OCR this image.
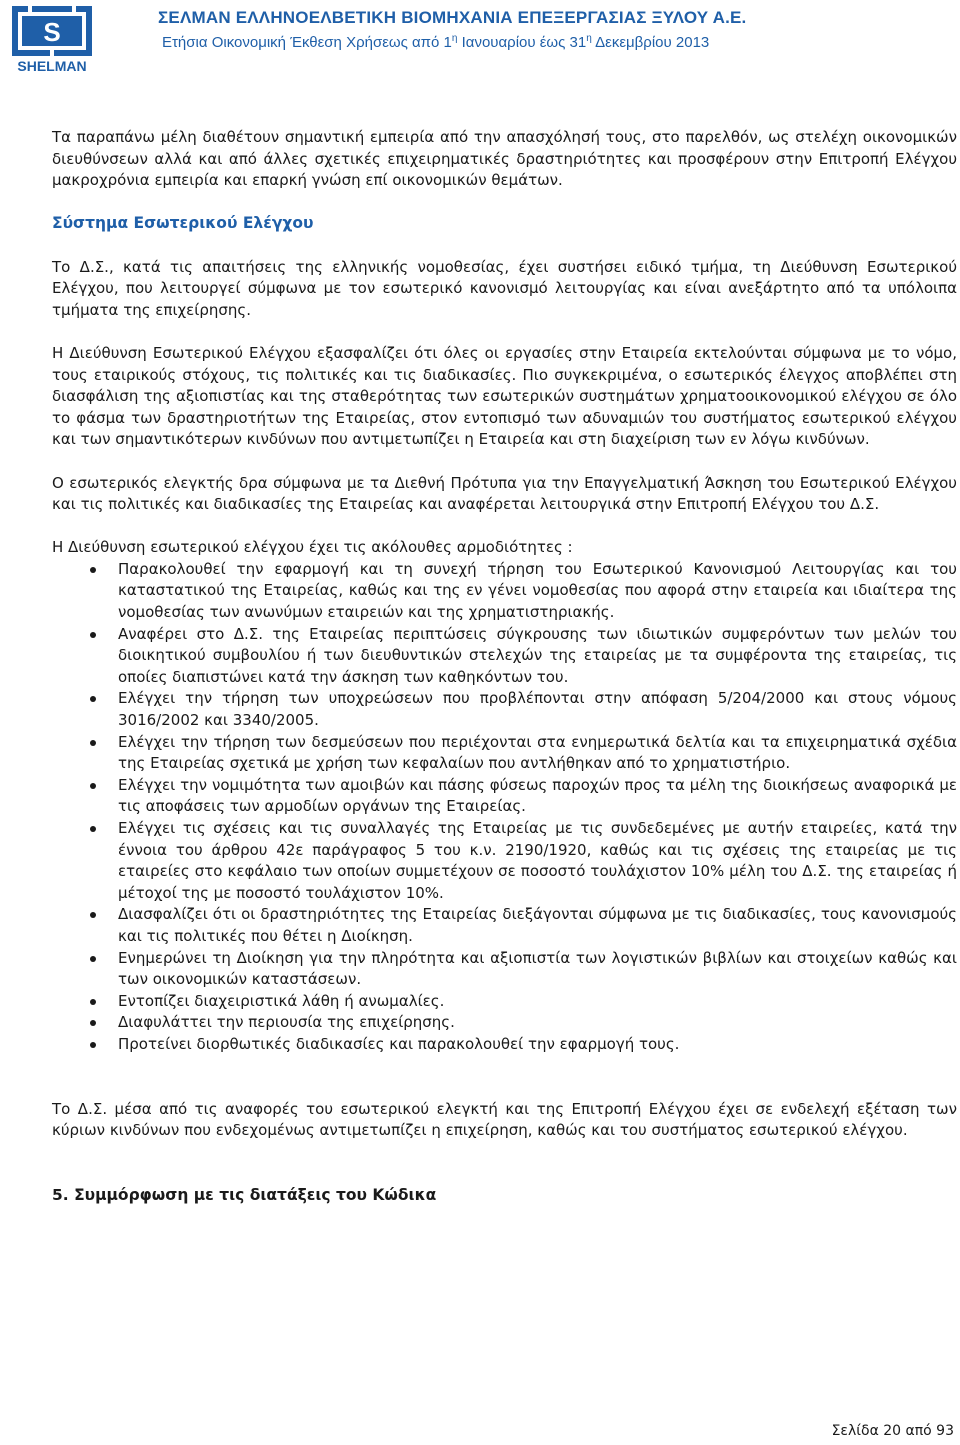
S
SHELMAN
ΣΕΛΜΑΝ ΕΛΛΗΝΟΕΛΒΕΤΙΚΗ ΒΙΟΜΗΧΑΝΙΑ ΕΠΕΞΕΡΓΑΣΙΑΣ ΞΥΛΟΥ Α.Ε.
Ετήσια Οικονομική Έκθεση Χρήσεως από $1^\eta$ Ιανουαρίου έως $31^\eta$ Δεκεμβρίου 2013

Τα παραπάνω μέλη διαθέτουν σημαντική εμπειρία από την απασχόλησή τους, στο παρελθόν, ως στελέχη οικονομικών διευθύνσεων αλλά και από άλλες σχετικές επιχειρηματικές δραστηριότητες και προσφέρουν στην Επιτροπή Ελέγχου μακροχρόνια εμπειρία και επαρκή γνώση επί οικονομικών θεμάτων.

Σύστημα Εσωτερικού Ελέγχου

Το Δ.Σ., κατά τις απαιτήσεις της ελληνικής νομοθεσίας, έχει συστήσει ειδικό τμήμα, τη Διεύθυνση Εσωτερικού Ελέγχου, που λειτουργεί σύμφωνα με τον εσωτερικό κανονισμό λειτουργίας και είναι ανεξάρτητο από τα υπόλοιπα τμήματα της επιχείρησης.

Η Διεύθυνση Εσωτερικού Ελέγχου εξασφαλίζει ότι όλες οι εργασίες στην Εταιρεία εκτελούνται σύμφωνα με το νόμο, τους εταιρικούς στόχους, τις πολιτικές και τις διαδικασίες. Πιο συγκεκριμένα, ο εσωτερικός έλεγχος αποβλέπει στη διασφάλιση της αξιοπιστίας και της σταθερότητας των εσωτερικών συστημάτων χρηματοοικονομικού ελέγχου σε όλο το φάσμα των δραστηριοτήτων της Εταιρείας, στον εντοπισμό των αδυναμιών του συστήματος εσωτερικού ελέγχου και των σημαντικότερων κινδύνων που αντιμετωπίζει η Εταιρεία και στη διαχείριση των εν λόγω κινδύνων.

Ο εσωτερικός ελεγκτής δρα σύμφωνα με τα Διεθνή Πρότυπα για την Επαγγελματική Άσκηση του Εσωτερικού Ελέγχου και τις πολιτικές και διαδικασίες της Εταιρείας και αναφέρεται λειτουργικά στην Επιτροπή Ελέγχου του Δ.Σ.

Η Διεύθυνση εσωτερικού ελέγχου έχει τις ακόλουθες αρμοδιότητες :

Παρακολουθεί την εφαρμογή και τη συνεχή τήρηση του Εσωτερικού Κανονισμού Λειτουργίας και του καταστατικού της Εταιρείας, καθώς και της εν γένει νομοθεσίας που αφορά στην εταιρεία και ιδιαίτερα της νομοθεσίας των ανωνύμων εταιρειών και της χρηματιστηριακής.
Αναφέρει στο Δ.Σ. της Εταιρείας περιπτώσεις σύγκρουσης των ιδιωτικών συμφερόντων των μελών του διοικητικού συμβουλίου ή των διευθυντικών στελεχών της εταιρείας με τα συμφέροντα της εταιρείας, τις οποίες διαπιστώνει κατά την άσκηση των καθηκόντων του.
Ελέγχει την τήρηση των υποχρεώσεων που προβλέπονται στην απόφαση 5/204/2000 και στους νόμους 3016/2002 και 3340/2005.
Ελέγχει την τήρηση των δεσμεύσεων που περιέχονται στα ενημερωτικά δελτία και τα επιχειρηματικά σχέδια της Εταιρείας σχετικά με χρήση των κεφαλαίων που αντλήθηκαν από το χρηματιστήριο.
Ελέγχει την νομιμότητα των αμοιβών και πάσης φύσεως παροχών προς τα μέλη της διοικήσεως αναφορικά με τις αποφάσεις των αρμοδίων οργάνων της Εταιρείας.
Ελέγχει τις σχέσεις και τις συναλλαγές της Εταιρείας με τις συνδεδεμένες με αυτήν εταιρείες, κατά την έννοια του άρθρου 42ε παράγραφος 5 του κ.ν. 2190/1920, καθώς και τις σχέσεις της εταιρείας με τις εταιρείες στο κεφάλαιο των οποίων συμμετέχουν σε ποσοστό τουλάχιστον 10% μέλη του Δ.Σ. της εταιρείας ή μέτοχοί της με ποσοστό τουλάχιστον 10%.
Διασφαλίζει ότι οι δραστηριότητες της Εταιρείας διεξάγονται σύμφωνα με τις διαδικασίες, τους κανονισμούς και τις πολιτικές που θέτει η Διοίκηση.
Ενημερώνει τη Διοίκηση για την πληρότητα και αξιοπιστία των λογιστικών βιβλίων και στοιχείων καθώς και των οικονομικών καταστάσεων.
Εντοπίζει διαχειριστικά λάθη ή ανωμαλίες.
Διαφυλάττει την περιουσία της επιχείρησης.
Προτείνει διορθωτικές διαδικασίες και παρακολουθεί την εφαρμογή τους.

Το Δ.Σ. μέσα από τις αναφορές του εσωτερικού ελεγκτή και της Επιτροπή Ελέγχου έχει σε ενδελεχή εξέταση των κύριων κινδύνων που ενδεχομένως αντιμετωπίζει η επιχείρηση, καθώς και του συστήματος εσωτερικού ελέγχου.

5. Συμμόρφωση με τις διατάξεις του Κώδικα

Σελίδα 20 από 93
